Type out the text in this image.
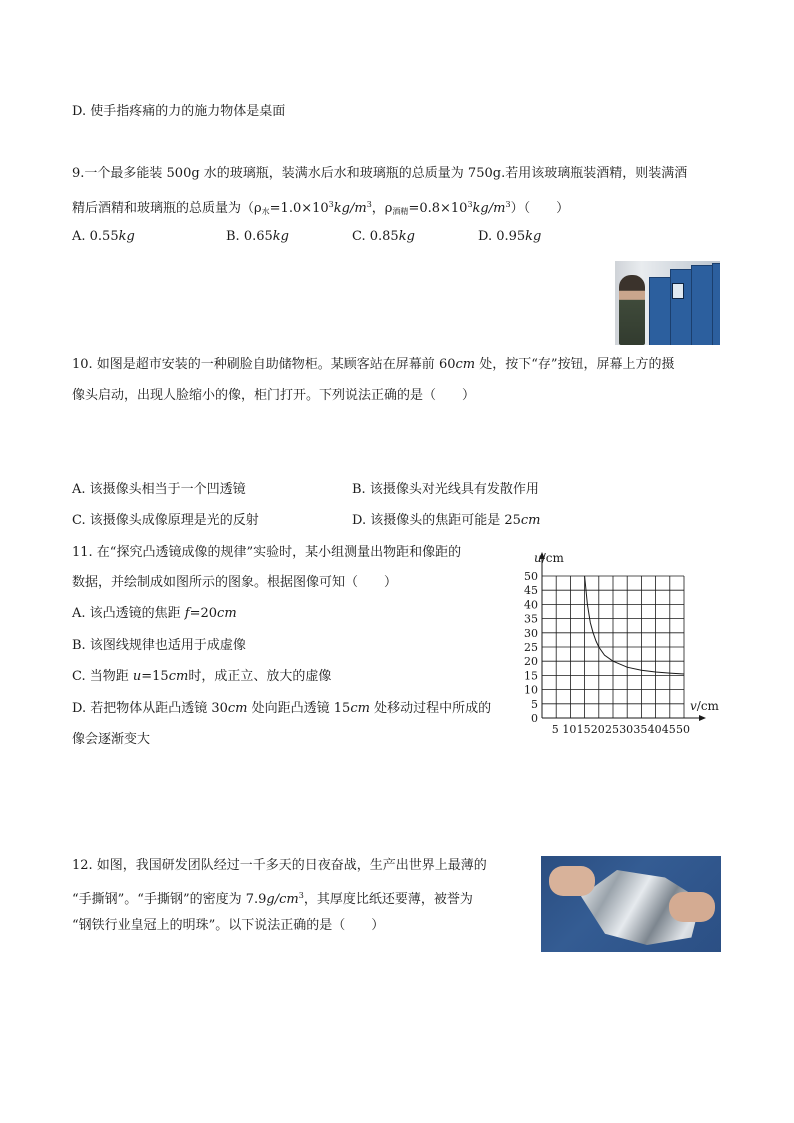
D. 使手指疼痛的力的施力物体是桌面
9.一个最多能装 500g 水的玻璃瓶，装满水后水和玻璃瓶的总质量为 750g.若用该玻璃瓶装酒精，则装满酒
精后酒精和玻璃瓶的总质量为（$\rho_水=1.0\times 10^3kg/m^3$，$\rho_{酒精}=0.8\times 10^3kg/m^3$）（　　）
A. 0.55kg	B. 0.65kg	C. 0.85kg	D. 0.95kg
10. 如图是超市安装的一种刷脸自助储物柜。某顾客站在屏幕前 60cm 处，按下“存”按钮，屏幕上方的摄
像头启动，出现人脸缩小的像，柜门打开。下列说法正确的是（　　）
A. 该摄像头相当于一个凹透镜	B. 该摄像头对光线具有发散作用
C. 该摄像头成像原理是光的反射	D. 该摄像头的焦距可能是 25cm
11. 在“探究凸透镜成像的规律”实验时，某小组测量出物距和像距的
数据，并绘制成如图所示的图象。根据图像可知（　　）
A. 该凸透镜的焦距 f=20cm
B. 该图线规律也适用于成虚像
C. 当物距 u=15cm时，成正立、放大的虚像
D. 若把物体从距凸透镜 30cm 处向距凸透镜 15cm 处移动过程中所成的
像会逐渐变大
0
5
10
15
20
25
30
35
40
45
50
5 10 15 20 25 30 35 40 45 50
u/cm
v/cm
12. 如图，我国研发团队经过一千多天的日夜奋战，生产出世界上最薄的
“手撕钢”。“手撕钢”的密度为 $7.9g/cm^3$，其厚度比纸还要薄，被誉为
“钢铁行业皇冠上的明珠”。以下说法正确的是（　　）
